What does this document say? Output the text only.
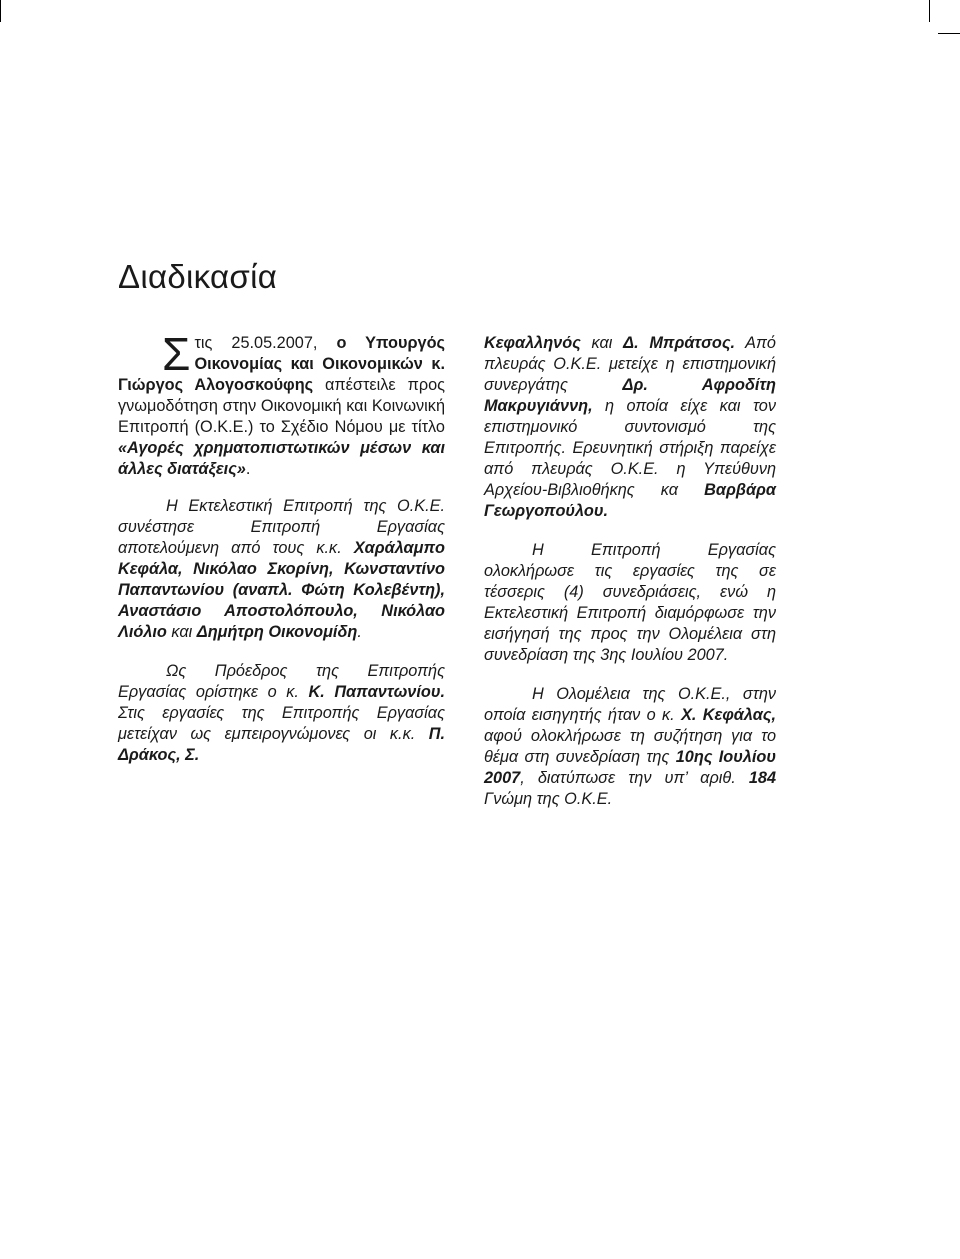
Διαδικασία

Στις 25.05.2007, ο Υπουργός Οικονομίας και Οικονομικών κ. Γιώργος Αλογοσκούφης απέστειλε προς γνωμοδότηση στην Οικονομική και Κοινωνική Επιτροπή (Ο.Κ.Ε.) το Σχέδιο Νόμου με τίτλο «Αγορές χρηματοπιστωτικών μέσων και άλλες διατάξεις».

Η Εκτελεστική Επιτροπή της Ο.Κ.Ε. συνέστησε Επιτροπή Εργασίας αποτελούμενη από τους κ.κ. Χαράλαμπο Κεφάλα, Νικόλαο Σκορίνη, Κωνσταντίνο Παπαντωνίου (αναπλ. Φώτη Κολεβέντη), Αναστάσιο Αποστολόπουλο, Νικόλαο Λιόλιο και Δημήτρη Οικονομίδη.

Ως Πρόεδρος της Επιτροπής Εργασίας ορίστηκε ο κ. Κ. Παπαντωνίου. Στις εργασίες της Επιτροπής Εργασίας μετείχαν ως εμπειρογνώμονες οι κ.κ. Π. Δράκος, Σ.

Κεφαλληνός και Δ. Μπράτσος. Από πλευράς Ο.Κ.Ε. μετείχε η επιστημονική συνεργάτης Δρ. Αφροδίτη Μακρυγιάννη, η οποία είχε και τον επιστημονικό συντονισμό της Επιτροπής. Ερευνητική στήριξη παρείχε από πλευράς Ο.Κ.Ε. η Υπεύθυνη Αρχείου-Βιβλιοθήκης κα Βαρβάρα Γεωργοπούλου.

Η Επιτροπή Εργασίας ολοκλήρωσε τις εργασίες της σε τέσσερις (4) συνεδριάσεις, ενώ η Εκτελεστική Επιτροπή διαμόρφωσε την εισήγησή της προς την Ολομέλεια στη συνεδρίαση της 3ης Ιουλίου 2007.

Η Ολομέλεια της Ο.Κ.Ε., στην οποία εισηγητής ήταν ο κ. Χ. Κεφάλας, αφού ολοκλήρωσε τη συζήτηση για το θέμα στη συνεδρίαση της 10ης Ιουλίου 2007, διατύπωσε την υπ’ αριθ. 184 Γνώμη της Ο.Κ.Ε.
